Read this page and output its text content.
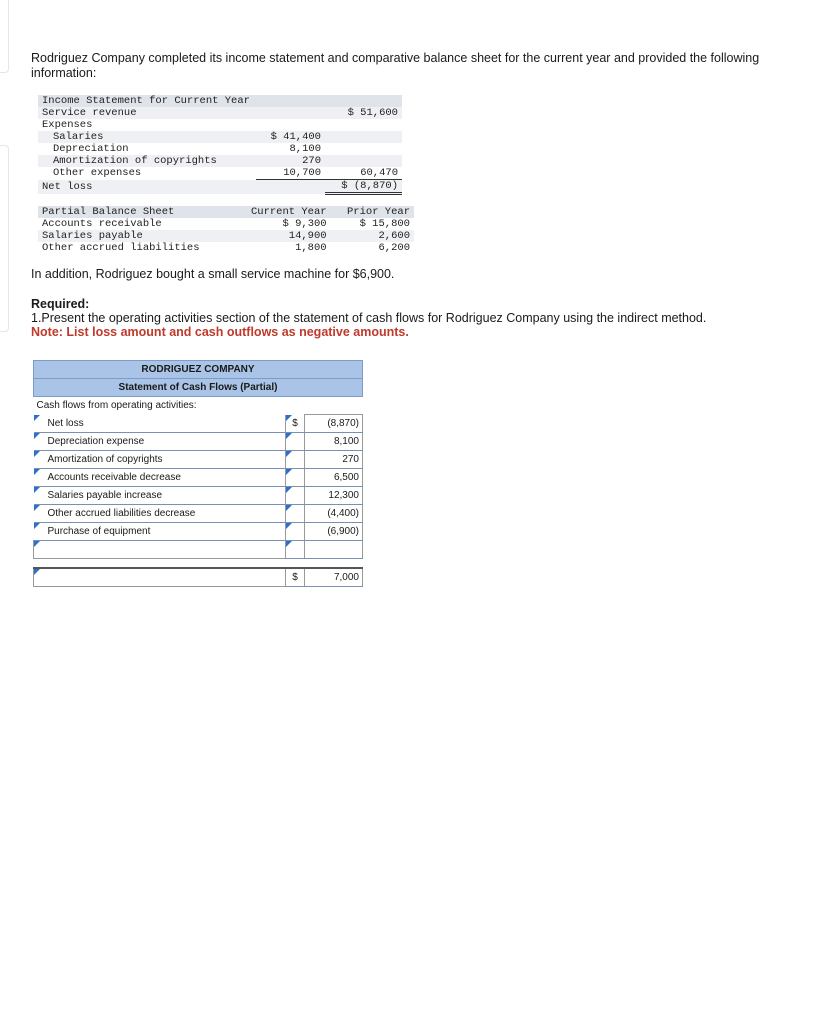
Rodriguez Company completed its income statement and comparative balance sheet for the current year and provided the following information:
Income Statement for Current Year		
Service revenue		$ 51,600
Expenses		
Salaries	$ 41,400	
Depreciation	8,100	
Amortization of copyrights	270	
Other expenses	10,700	60,470
Net loss		$ (8,870)
Partial Balance Sheet	Current Year	Prior Year
Accounts receivable	$ 9,300	$ 15,800
Salaries payable	14,900	2,600
Other accrued liabilities	1,800	6,200
In addition, Rodriguez bought a small service machine for $6,900.
Required:
1.Present the operating activities section of the statement of cash flows for Rodriguez Company using the indirect method.
Note: List loss amount and cash outflows as negative amounts.
RODRIGUEZ COMPANY		
Statement of Cash Flows (Partial)		
Cash flows from operating activities:		

Net loss	$	(8,870)

Depreciation expense		8,100

Amortization of copyrights		270

Accounts receivable decrease		6,500

Salaries payable increase		12,300

Other accrued liabilities decrease		(4,400)

Purchase of equipment		(6,900)

	$	7,000
